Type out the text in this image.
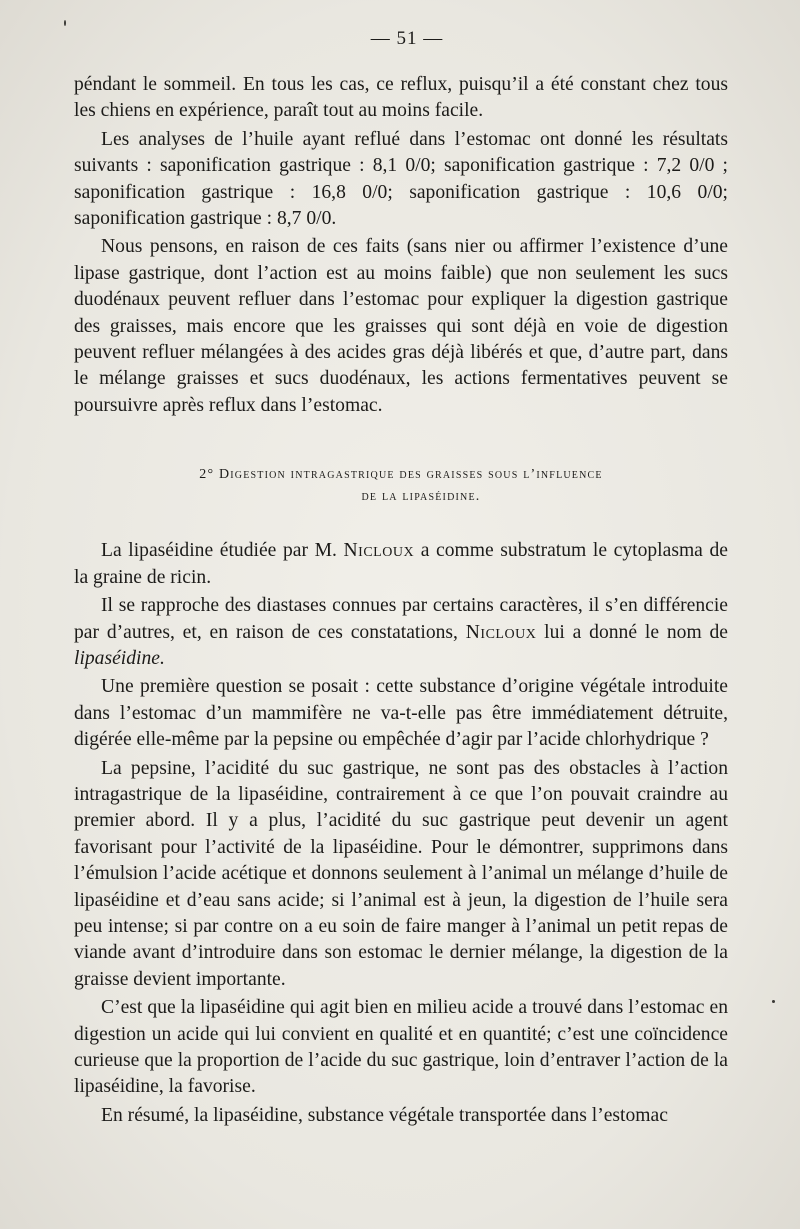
— 51 —

péndant le sommeil. En tous les cas, ce reflux, puisqu’il a été constant chez tous les chiens en expérience, paraît tout au moins facile.

Les analyses de l’huile ayant reflué dans l’estomac ont donné les résultats suivants : saponification gastrique : 8,1 0/0; saponification gastrique : 7,2 0/0 ; saponification gastrique : 16,8 0/0; saponification gastrique : 10,6 0/0; saponification gastrique : 8,7 0/0.

Nous pensons, en raison de ces faits (sans nier ou affirmer l’existence d’une lipase gastrique, dont l’action est au moins faible) que non seulement les sucs duodénaux peuvent refluer dans l’estomac pour expliquer la digestion gastrique des graisses, mais encore que les graisses qui sont déjà en voie de digestion peuvent refluer mélangées à des acides gras déjà libérés et que, d’autre part, dans le mélange graisses et sucs duodénaux, les actions fermentatives peuvent se poursuivre après reflux dans l’estomac.

2° Digestion intragastrique des graisses sous l’influence
de la lipaséidine.

La lipaséidine étudiée par M. Nicloux a comme substratum le cytoplasma de la graine de ricin.

Il se rapproche des diastases connues par certains caractères, il s’en différencie par d’autres, et, en raison de ces constatations, Nicloux lui a donné le nom de lipaséidine.

Une première question se posait : cette substance d’origine végétale introduite dans l’estomac d’un mammifère ne va-t-elle pas être immédiatement détruite, digérée elle-même par la pepsine ou empêchée d’agir par l’acide chlorhydrique ?

La pepsine, l’acidité du suc gastrique, ne sont pas des obstacles à l’action intragastrique de la lipaséidine, contrairement à ce que l’on pouvait craindre au premier abord. Il y a plus, l’acidité du suc gastrique peut devenir un agent favorisant pour l’activité de la lipaséidine. Pour le démontrer, supprimons dans l’émulsion l’acide acétique et donnons seulement à l’animal un mélange d’huile de lipaséidine et d’eau sans acide; si l’animal est à jeun, la digestion de l’huile sera peu intense; si par contre on a eu soin de faire manger à l’animal un petit repas de viande avant d’introduire dans son estomac le dernier mélange, la digestion de la graisse devient importante.

C’est que la lipaséidine qui agit bien en milieu acide a trouvé dans l’estomac en digestion un acide qui lui convient en qualité et en quantité; c’est une coïncidence curieuse que la proportion de l’acide du suc gastrique, loin d’entraver l’action de la lipaséidine, la favorise.

En résumé, la lipaséidine, substance végétale transportée dans l’estomac
